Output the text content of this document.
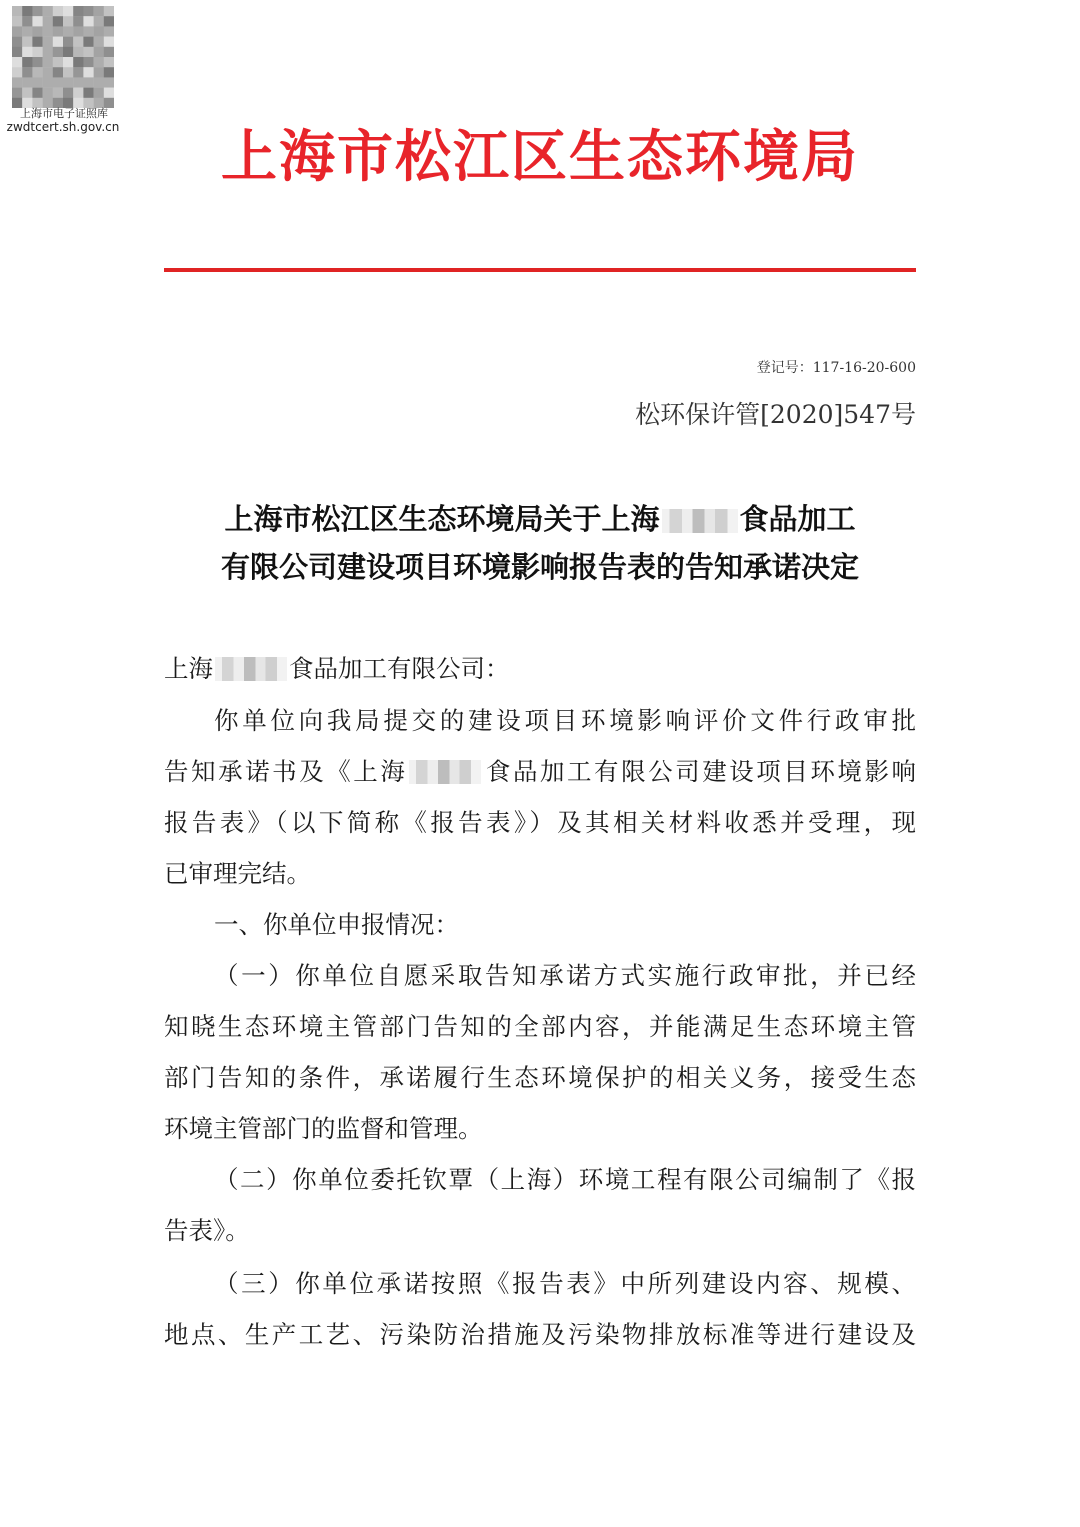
上海市电子证照库
zwdtcert.sh.gov.cn	上海市松江区生态环境局
登记号：117-16-20-600
松环保许管[2020]547号
上海市松江区生态环境局关于上海	食品加工
有限公司建设项目环境影响报告表的告知承诺决定
上海	食品加工有限公司：
你单位向我局提交的建设项目环境影响评价文件行政审批
告知承诺书及《上海	食品加工有限公司建设项目环境影响
报告表》（以下简称《报告表》）及其相关材料收悉并受理，现
已审理完结。
一、你单位申报情况：
（一）你单位自愿采取告知承诺方式实施行政审批，并已经
知晓生态环境主管部门告知的全部内容，并能满足生态环境主管
部门告知的条件，承诺履行生态环境保护的相关义务，接受生态
环境主管部门的监督和管理。
（二）你单位委托钦覃（上海）环境工程有限公司编制了《报
告表》。
（三）你单位承诺按照《报告表》中所列建设内容、规模、
地点、生产工艺、污染防治措施及污染物排放标准等进行建设及
